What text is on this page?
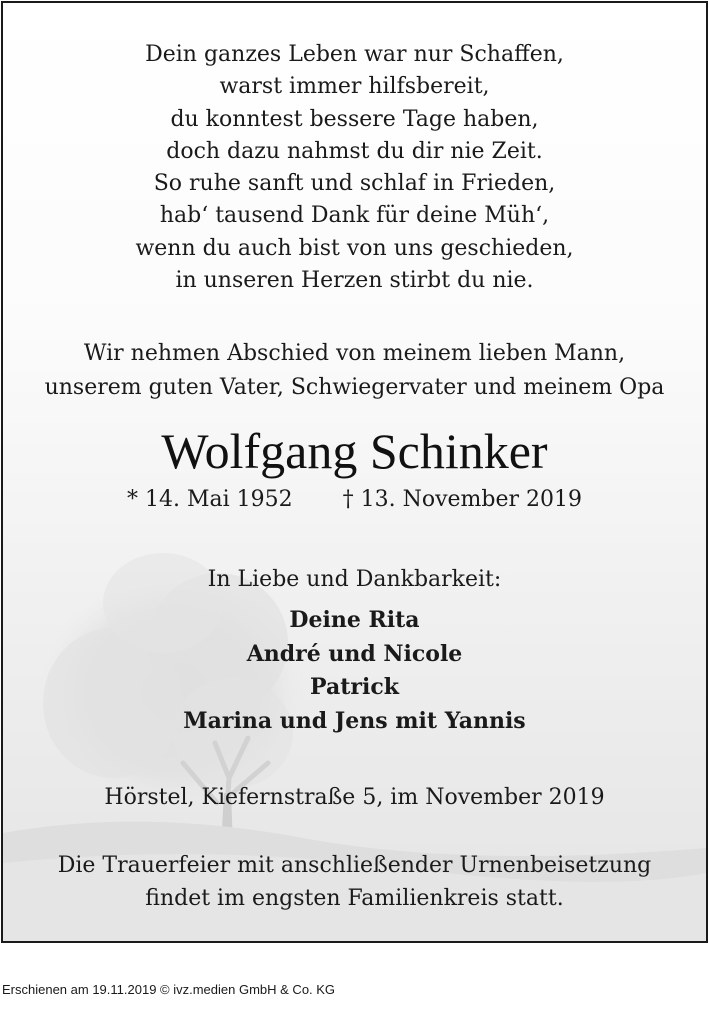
Dein ganzes Leben war nur Schaffen,
warst immer hilfsbereit,
du konntest bessere Tage haben,
doch dazu nahmst du dir nie Zeit.
So ruhe sanft und schlaf in Frieden,
hab‘ tausend Dank für deine Müh‘,
wenn du auch bist von uns geschieden,
in unseren Herzen stirbt du nie.
Wir nehmen Abschied von meinem lieben Mann,
unserem guten Vater, Schwiegervater und meinem Opa
Wolfgang Schinker
* 14. Mai 1952 † 13. November 2019
In Liebe und Dankbarkeit:
Deine Rita
André und Nicole
Patrick
Marina und Jens mit Yannis
Hörstel, Kiefernstraße 5, im November 2019
Die Trauerfeier mit anschließender Urnenbeisetzung
findet im engsten Familienkreis statt.
Erschienen am 19.11.2019 © ivz.medien GmbH & Co. KG
